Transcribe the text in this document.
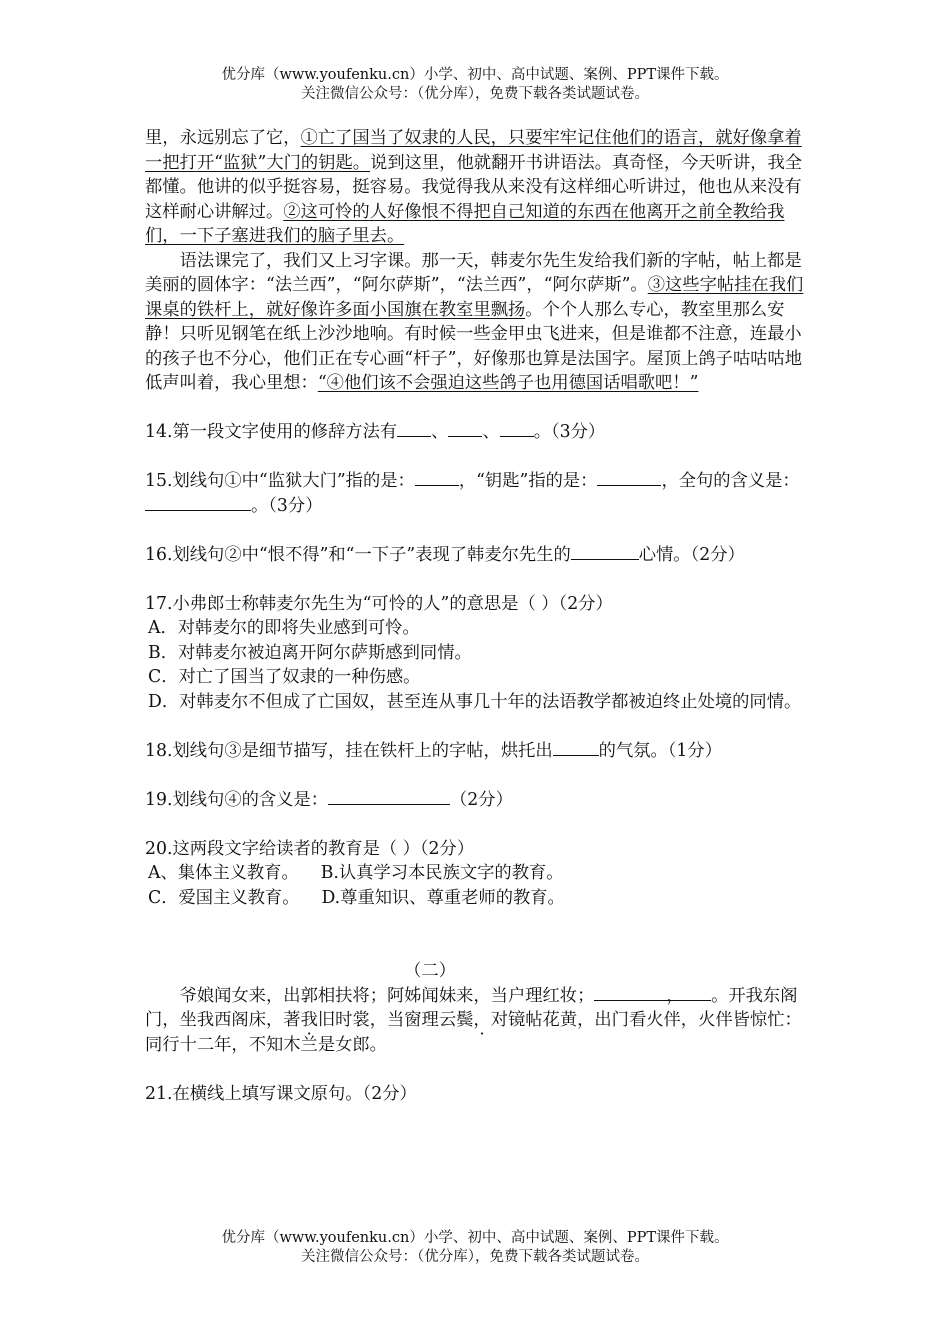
优分库（www.youfenku.cn）小学、初中、高中试题、案例、PPT课件下载。
关注微信公众号：（优分库），免费下载各类试题试卷。

里，永远别忘了它，①亡了国当了奴隶的人民，只要牢牢记住他们的语言，就好像拿着一把打开“监狱”大门的钥匙。说到这里，他就翻开书讲语法。真奇怪，今天听讲，我全都懂。他讲的似乎挺容易，挺容易。我觉得我从来没有这样细心听讲过，他也从来没有这样耐心讲解过。②这可怜的人好像恨不得把自己知道的东西在他离开之前全教给我们，一下子塞进我们的脑子里去。

语法课完了，我们又上习字课。那一天，韩麦尔先生发给我们新的字帖，帖上都是美丽的圆体字：“法兰西”，“阿尔萨斯”，“法兰西”，“阿尔萨斯”。③这些字帖挂在我们课桌的铁杆上，就好像许多面小国旗在教室里飘扬。个个人那么专心，教室里那么安静！只听见钢笔在纸上沙沙地响。有时候一些金甲虫飞进来，但是谁都不注意，连最小的孩子也不分心，他们正在专心画“杆子”，好像那也算是法国字。屋顶上鸽子咕咕咕地低声叫着，我心里想：“④他们该不会强迫这些鸽子也用德国话唱歌吧！”

14.第一段文字使用的修辞方法有 、 、 。（3分）

15.划线句①中“监狱大门”指的是：	，“钥匙”指的是：	，全句的含义是：。（3分）

16.划线句②中“恨不得”和“一下子”表现了韩麦尔先生的	心情。（2分）

17.小弗郎士称韩麦尔先生为“可怜的人”的意思是（ ）（2分）

A．对韩麦尔的即将失业感到可怜。

B．对韩麦尔被迫离开阿尔萨斯感到同情。

C．对亡了国当了奴隶的一种伤感。

D．对韩麦尔不但成了亡国奴，甚至连从事几十年的法语教学都被迫终止处境的同情。

18.划线句③是细节描写，挂在铁杆上的字帖，烘托出	的气氛。（1分）

19.划线句④的含义是：	（2分）

20.这两段文字给读者的教育是（ ）（2分）

A、集体主义教育。    B.认真学习本民族文字的教育。

C．爱国主义教育。    D.尊重知识、尊重老师的教育。

（二）

爷娘闻女来，出郭相扶将；阿姊闻妹来，当户理红妆；	， 。开我东阁门，坐我西阁床，著我旧时裳，当窗理云鬓，对镜帖花黄，出门看火伴，火伴皆惊忙：同行十二年，不知木兰是女郎。

21.在横线上填写课文原句。（2分）

优分库（www.youfenku.cn）小学、初中、高中试题、案例、PPT课件下载。
关注微信公众号：（优分库），免费下载各类试题试卷。
